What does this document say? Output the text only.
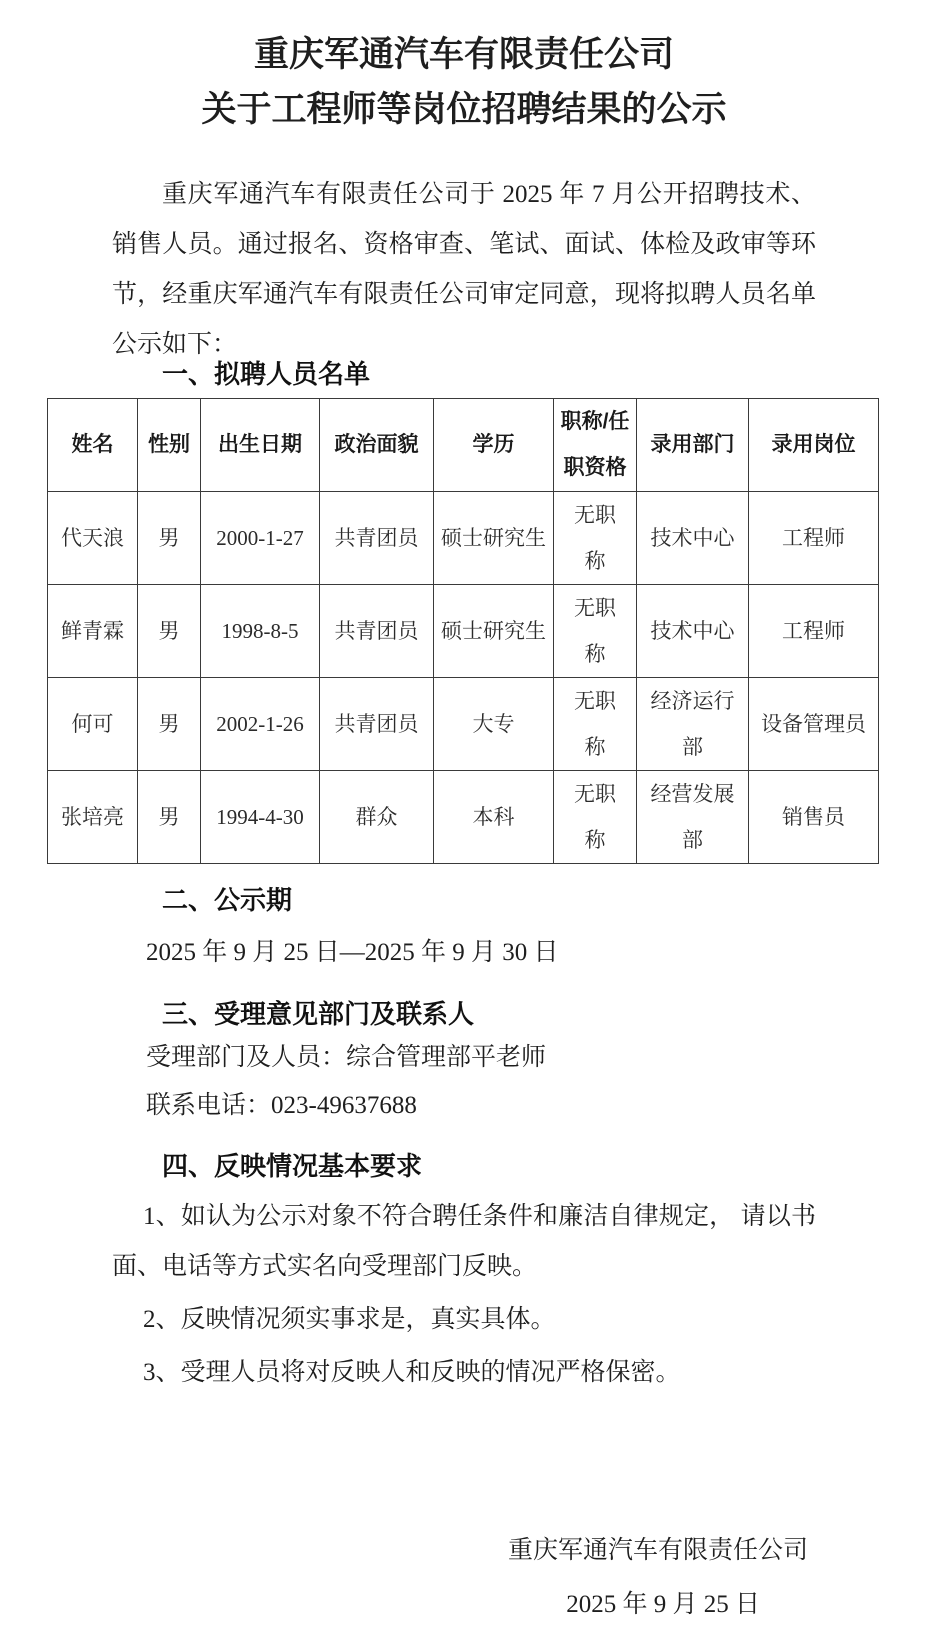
重庆军通汽车有限责任公司
关于工程师等岗位招聘结果的公示

重庆军通汽车有限责任公司于 2025 年 7 月公开招聘技术、销售人员。通过报名、资格审查、笔试、面试、体检及政审等环节，经重庆军通汽车有限责任公司审定同意，现将拟聘人员名单公示如下：

一、拟聘人员名单
姓名	性别	出生日期	政治面貌	学历	职称/任职资格	录用部门	录用岗位
代天浪	男	2000-1-27	共青团员	硕士研究生	无职称	技术中心	工程师
鲜青霖	男	1998-8-5	共青团员	硕士研究生	无职称	技术中心	工程师
何可	男	2002-1-26	共青团员	大专	无职称	经济运行部	设备管理员
张培亮	男	1994-4-30	群众	本科	无职称	经营发展部	销售员
二、公示期
2025 年 9 月 25 日—2025 年 9 月 30 日
三、受理意见部门及联系人
受理部门及人员：综合管理部平老师
联系电话：023-49637688
四、反映情况基本要求

1、如认为公示对象不符合聘任条件和廉洁自律规定， 请以书面、电话等方式实名向受理部门反映。

2、反映情况须实事求是，真实具体。

3、受理人员将对反映人和反映的情况严格保密。

重庆军通汽车有限责任公司
2025 年 9 月 25 日
